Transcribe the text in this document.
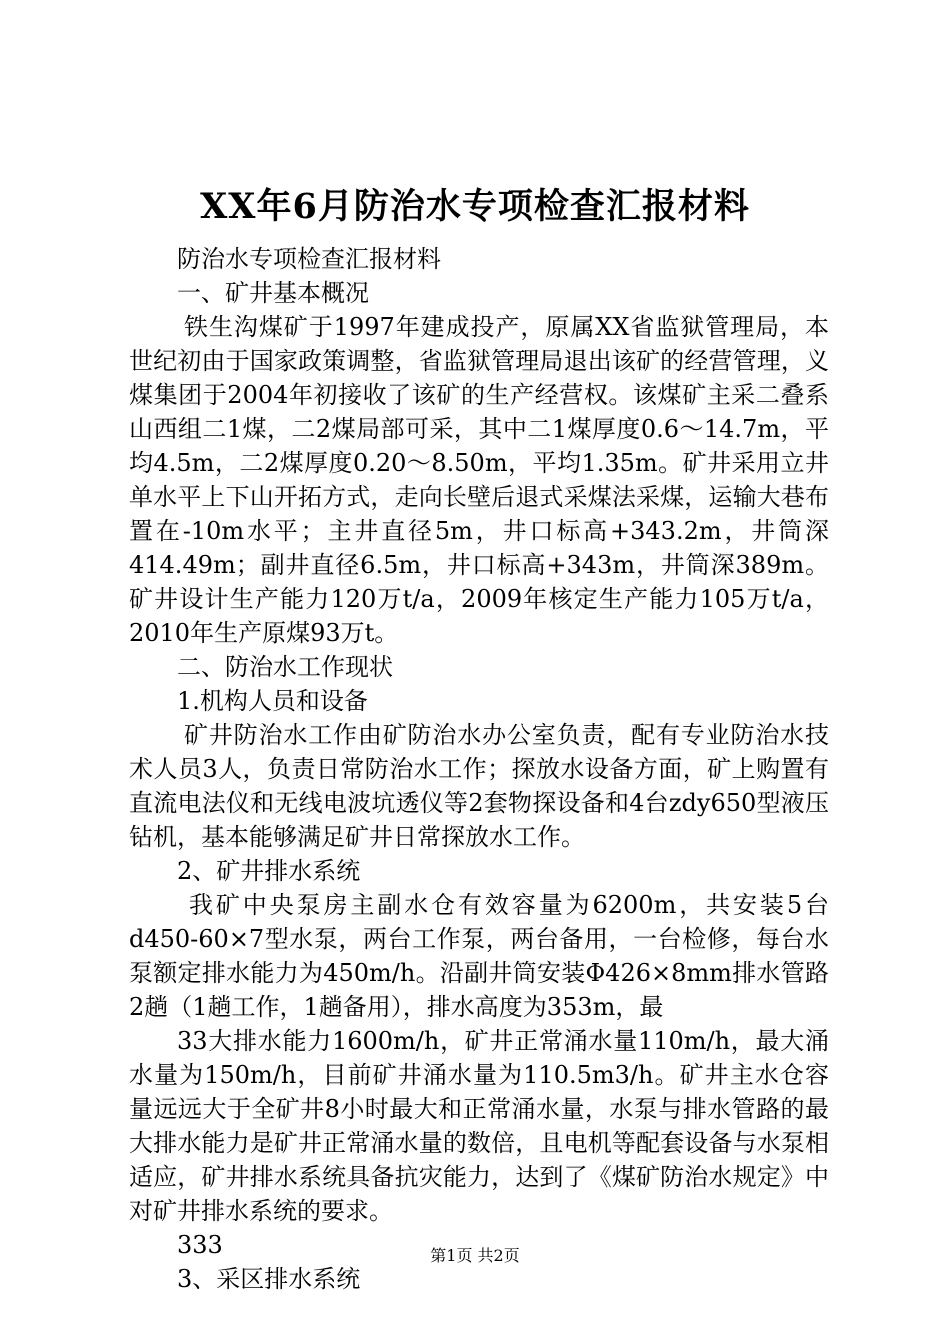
XX年6月防治水专项检查汇报材料

防治水专项检查汇报材料

一、矿井基本概况

铁生沟煤矿于1997年建成投产，原属XX省监狱管理局，本世纪初由于国家政策调整，省监狱管理局退出该矿的经营管理，义煤集团于2004年初接收了该矿的生产经营权。该煤矿主采二叠系山西组二1煤，二2煤局部可采，其中二1煤厚度0.6～14.7m，平均4.5m，二2煤厚度0.20～8.50m，平均1.35m。矿井采用立井单水平上下山开拓方式，走向长壁后退式采煤法采煤，运输大巷布置在-10m水平；主井直径5m，井口标高+343.2m，井筒深414.49m；副井直径6.5m，井口标高+343m，井筒深389m。矿井设计生产能力120万t/a，2009年核定生产能力105万t/a，2010年生产原煤93万t。

二、防治水工作现状

1.机构人员和设备

矿井防治水工作由矿防治水办公室负责，配有专业防治水技术人员3人，负责日常防治水工作；探放水设备方面，矿上购置有直流电法仪和无线电波坑透仪等2套物探设备和4台zdy650型液压钻机，基本能够满足矿井日常探放水工作。

2、矿井排水系统

我矿中央泵房主副水仓有效容量为6200m，共安装5台d450-60×7型水泵，两台工作泵，两台备用，一台检修，每台水泵额定排水能力为450m/h。沿副井筒安装Φ426×8mm排水管路2趟（1趟工作，1趟备用），排水高度为353m，最

33大排水能力1600m/h，矿井正常涌水量110m/h，最大涌水量为150m/h，目前矿井涌水量为110.5m3/h。矿井主水仓容量远远大于全矿井8小时最大和正常涌水量，水泵与排水管路的最大排水能力是矿井正常涌水量的数倍，且电机等配套设备与水泵相适应，矿井排水系统具备抗灾能力，达到了《煤矿防治水规定》中对矿井排水系统的要求。

333

3、采区排水系统

第1页 共2页
